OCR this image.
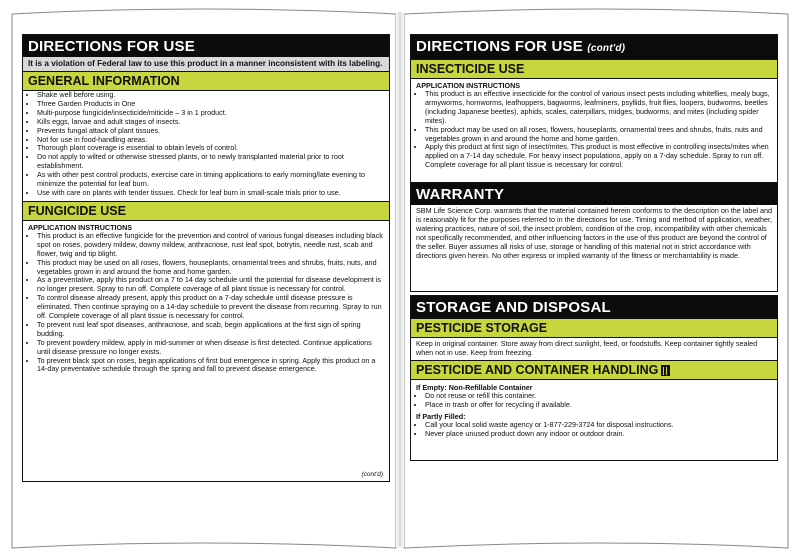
DIRECTIONS FOR USE
It is a violation of Federal law to use this product in a manner inconsistent with its labeling.
GENERAL INFORMATION
• Shake well before using.
• Three Garden Products in One
• Multi-purpose fungicide/insecticide/miticide – 3 in 1 product.
• Kills eggs, larvae and adult stages of insects.
• Prevents fungal attack of plant tissues.
• Not for use in food-handling areas.
• Thorough plant coverage is essential to obtain levels of control.
• Do not apply to wilted or otherwise stressed plants, or to newly transplanted material prior to root establishment.
• As with other pest control products, exercise care in timing applications to early morning/late evening to minimize the potential for leaf burn.
• Use with care on plants with tender tissues. Check for leaf burn in small-scale trials prior to use.
FUNGICIDE USE
APPLICATION INSTRUCTIONS
• This product is an effective fungicide for the prevention and control of various fungal diseases including black spot on roses, powdery mildew, downy mildew, anthracnose, rust leaf spot, botrytis, needle rust, scab and flower, twig and tip blight.
• This product may be used on all roses, flowers, houseplants, ornamental trees and shrubs, fruits, nuts, and vegetables grown in and around the home and home garden.
• As a preventative, apply this product on a 7 to 14 day schedule until the potential for disease development is no longer present. Spray to run off. Complete coverage of all plant tissue is necessary for control.
• To control disease already present, apply this product on a 7-day schedule until disease pressure is eliminated. Then continue spraying on a 14-day schedule to prevent the disease from recurring. Spray to run off. Complete coverage of all plant tissue is necessary for control.
• To prevent rust leaf spot diseases, anthracnose, and scab, begin applications at the first sign of spring budding.
• To prevent powdery mildew, apply in mid-summer or when disease is first detected. Continue applications until disease pressure no longer exists.
• To prevent black spot on roses, begin applications of first bud emergence in spring. Apply this product on a 14-day preventative schedule through the spring and fall to prevent disease emergence.
(cont'd)
DIRECTIONS FOR USE (cont'd)
INSECTICIDE USE
APPLICATION INSTRUCTIONS
• This product is an effective insecticide for the control of various insect pests including whiteflies, mealy bugs, armyworms, hornworms, leafhoppers, bagworms, leafminers, psyllids, fruit flies, loopers, budworms, beetles (including Japanese beetles), aphids, scales, caterpillars, midges, budworms, and mites (including spider mites).
• This product may be used on all roses, flowers, houseplants, ornamental trees and shrubs, fruits, nuts and vegetables grown in and around the home and home garden.
• Apply this product at first sign of insect/mites. This product is most effective in controlling insects/mites when applied on a 7-14 day schedule. For heavy insect populations, apply on a 7-day schedule. Spray to run off. Complete coverage for all plant tissue is necessary for control.
WARRANTY
SBM Life Science Corp. warrants that the material contained herein conforms to the description on the label and is reasonably fit for the purposes referred to in the directions for use. Timing and method of application, weather, watering practices, nature of soil, the insect problem, condition of the crop, incompatibility with other chemicals not specifically recommended, and other influencing factors in the use of this product are beyond the control of the seller. Buyer assumes all risks of use, storage or handling of this material not in strict accordance with directions given herein. No other express or implied warranty of the fitness or merchantability is made.
STORAGE AND DISPOSAL
PESTICIDE STORAGE
Keep in original container. Store away from direct sunlight, feed, or foodstuffs. Keep container tightly sealed when not in use. Keep from freezing.
PESTICIDE AND CONTAINER HANDLING
If Empty: Non-Refillable Container
• Do not reuse or refill this container.
• Place in trash or offer for recycling if available.
If Partly Filled:
• Call your local solid waste agency or 1-877-229-3724 for disposal instructions.
• Never place unused product down any indoor or outdoor drain.
